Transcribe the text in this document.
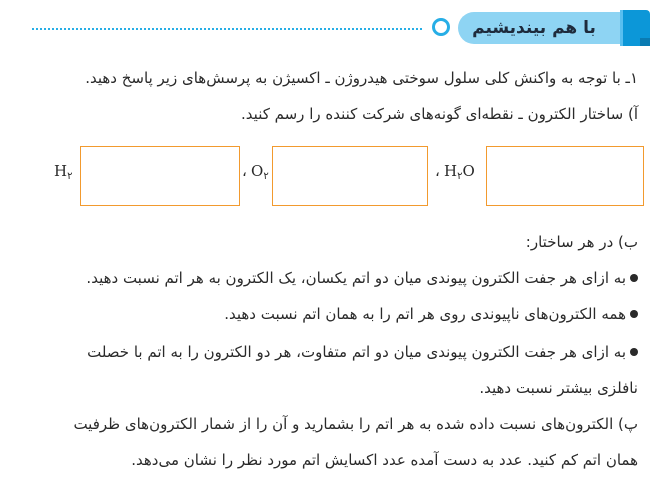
با هم بیندیشیم
۱ـ با توجه به واکنش کلی سلول سوختی هیدروژن ـ اکسیژن به پرسش‌های زیر پاسخ دهید.
آ) ساختار الکترون ـ نقطه‌ای گونه‌های شرکت کننده را رسم کنید.
$H_۲$	، $O_۲$	، $H_۲O$
ب) در هر ساختار:
به ازای هر جفت الکترون پیوندی میان دو اتم یکسان، یک الکترون به هر اتم نسبت دهید.
همه الکترون‌های ناپیوندی روی هر اتم را به همان اتم نسبت دهید.
به ازای هر جفت الکترون پیوندی میان دو اتم متفاوت، هر دو الکترون را به اتم با خصلت
نافلزی بیشتر نسبت دهید.
پ) الکترون‌های نسبت داده شده به هر اتم را بشمارید و آن را از شمار الکترون‌های ظرفیت
همان اتم کم کنید. عدد به دست آمده عدد اکسایش اتم مورد نظر را نشان می‌دهد.
